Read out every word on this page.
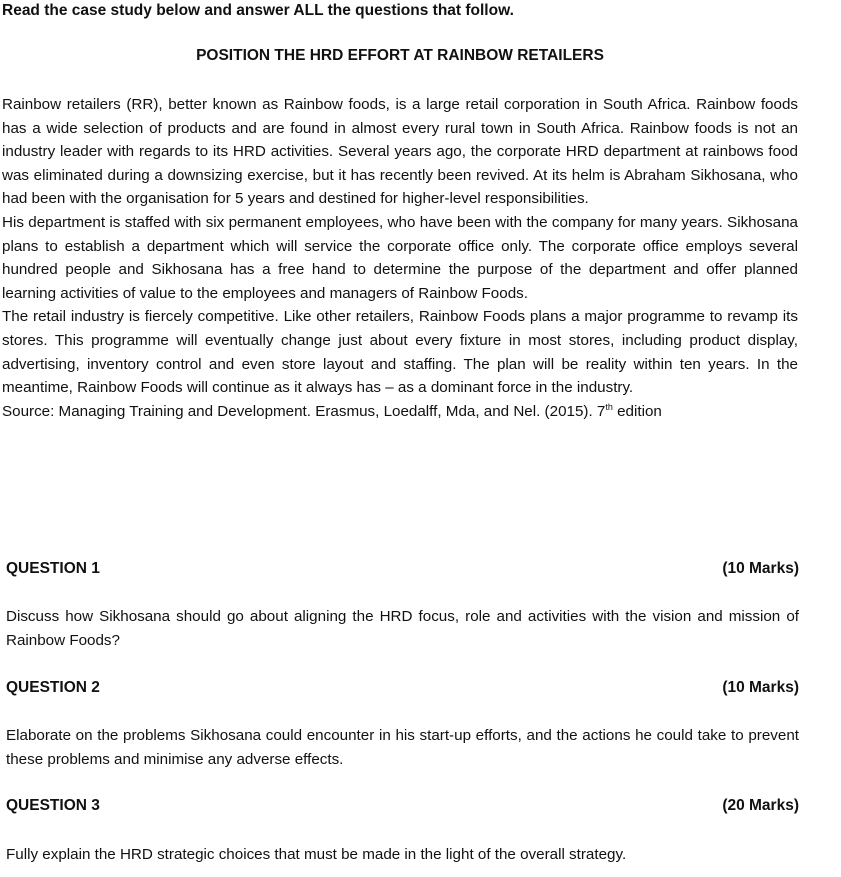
Read the case study below and answer ALL the questions that follow.
POSITION THE HRD EFFORT AT RAINBOW RETAILERS

Rainbow retailers (RR), better known as Rainbow foods, is a large retail corporation in South Africa. Rainbow foods has a wide selection of products and are found in almost every rural town in South Africa. Rainbow foods is not an industry leader with regards to its HRD activities. Several years ago, the corporate HRD department at rainbows food was eliminated during a downsizing exercise, but it has recently been revived. At its helm is Abraham Sikhosana, who had been with the organisation for 5 years and destined for higher-level responsibilities.

His department is staffed with six permanent employees, who have been with the company for many years. Sikhosana plans to establish a department which will service the corporate office only. The corporate office employs several hundred people and Sikhosana has a free hand to determine the purpose of the department and offer planned learning activities of value to the employees and managers of Rainbow Foods.

The retail industry is fiercely competitive. Like other retailers, Rainbow Foods plans a major programme to revamp its stores. This programme will eventually change just about every fixture in most stores, including product display, advertising, inventory control and even store layout and staffing. The plan will be reality within ten years. In the meantime, Rainbow Foods will continue as it always has – as a dominant force in the industry.

Source: Managing Training and Development. Erasmus, Loedalff, Mda, and Nel. (2015). 7th edition

QUESTION 1	(10 Marks)
Discuss how Sikhosana should go about aligning the HRD focus, role and activities with the vision and mission of Rainbow Foods?
QUESTION 2	(10 Marks)
Elaborate on the problems Sikhosana could encounter in his start-up efforts, and the actions he could take to prevent these problems and minimise any adverse effects.
QUESTION 3	(20 Marks)
Fully explain the HRD strategic choices that must be made in the light of the overall strategy.
